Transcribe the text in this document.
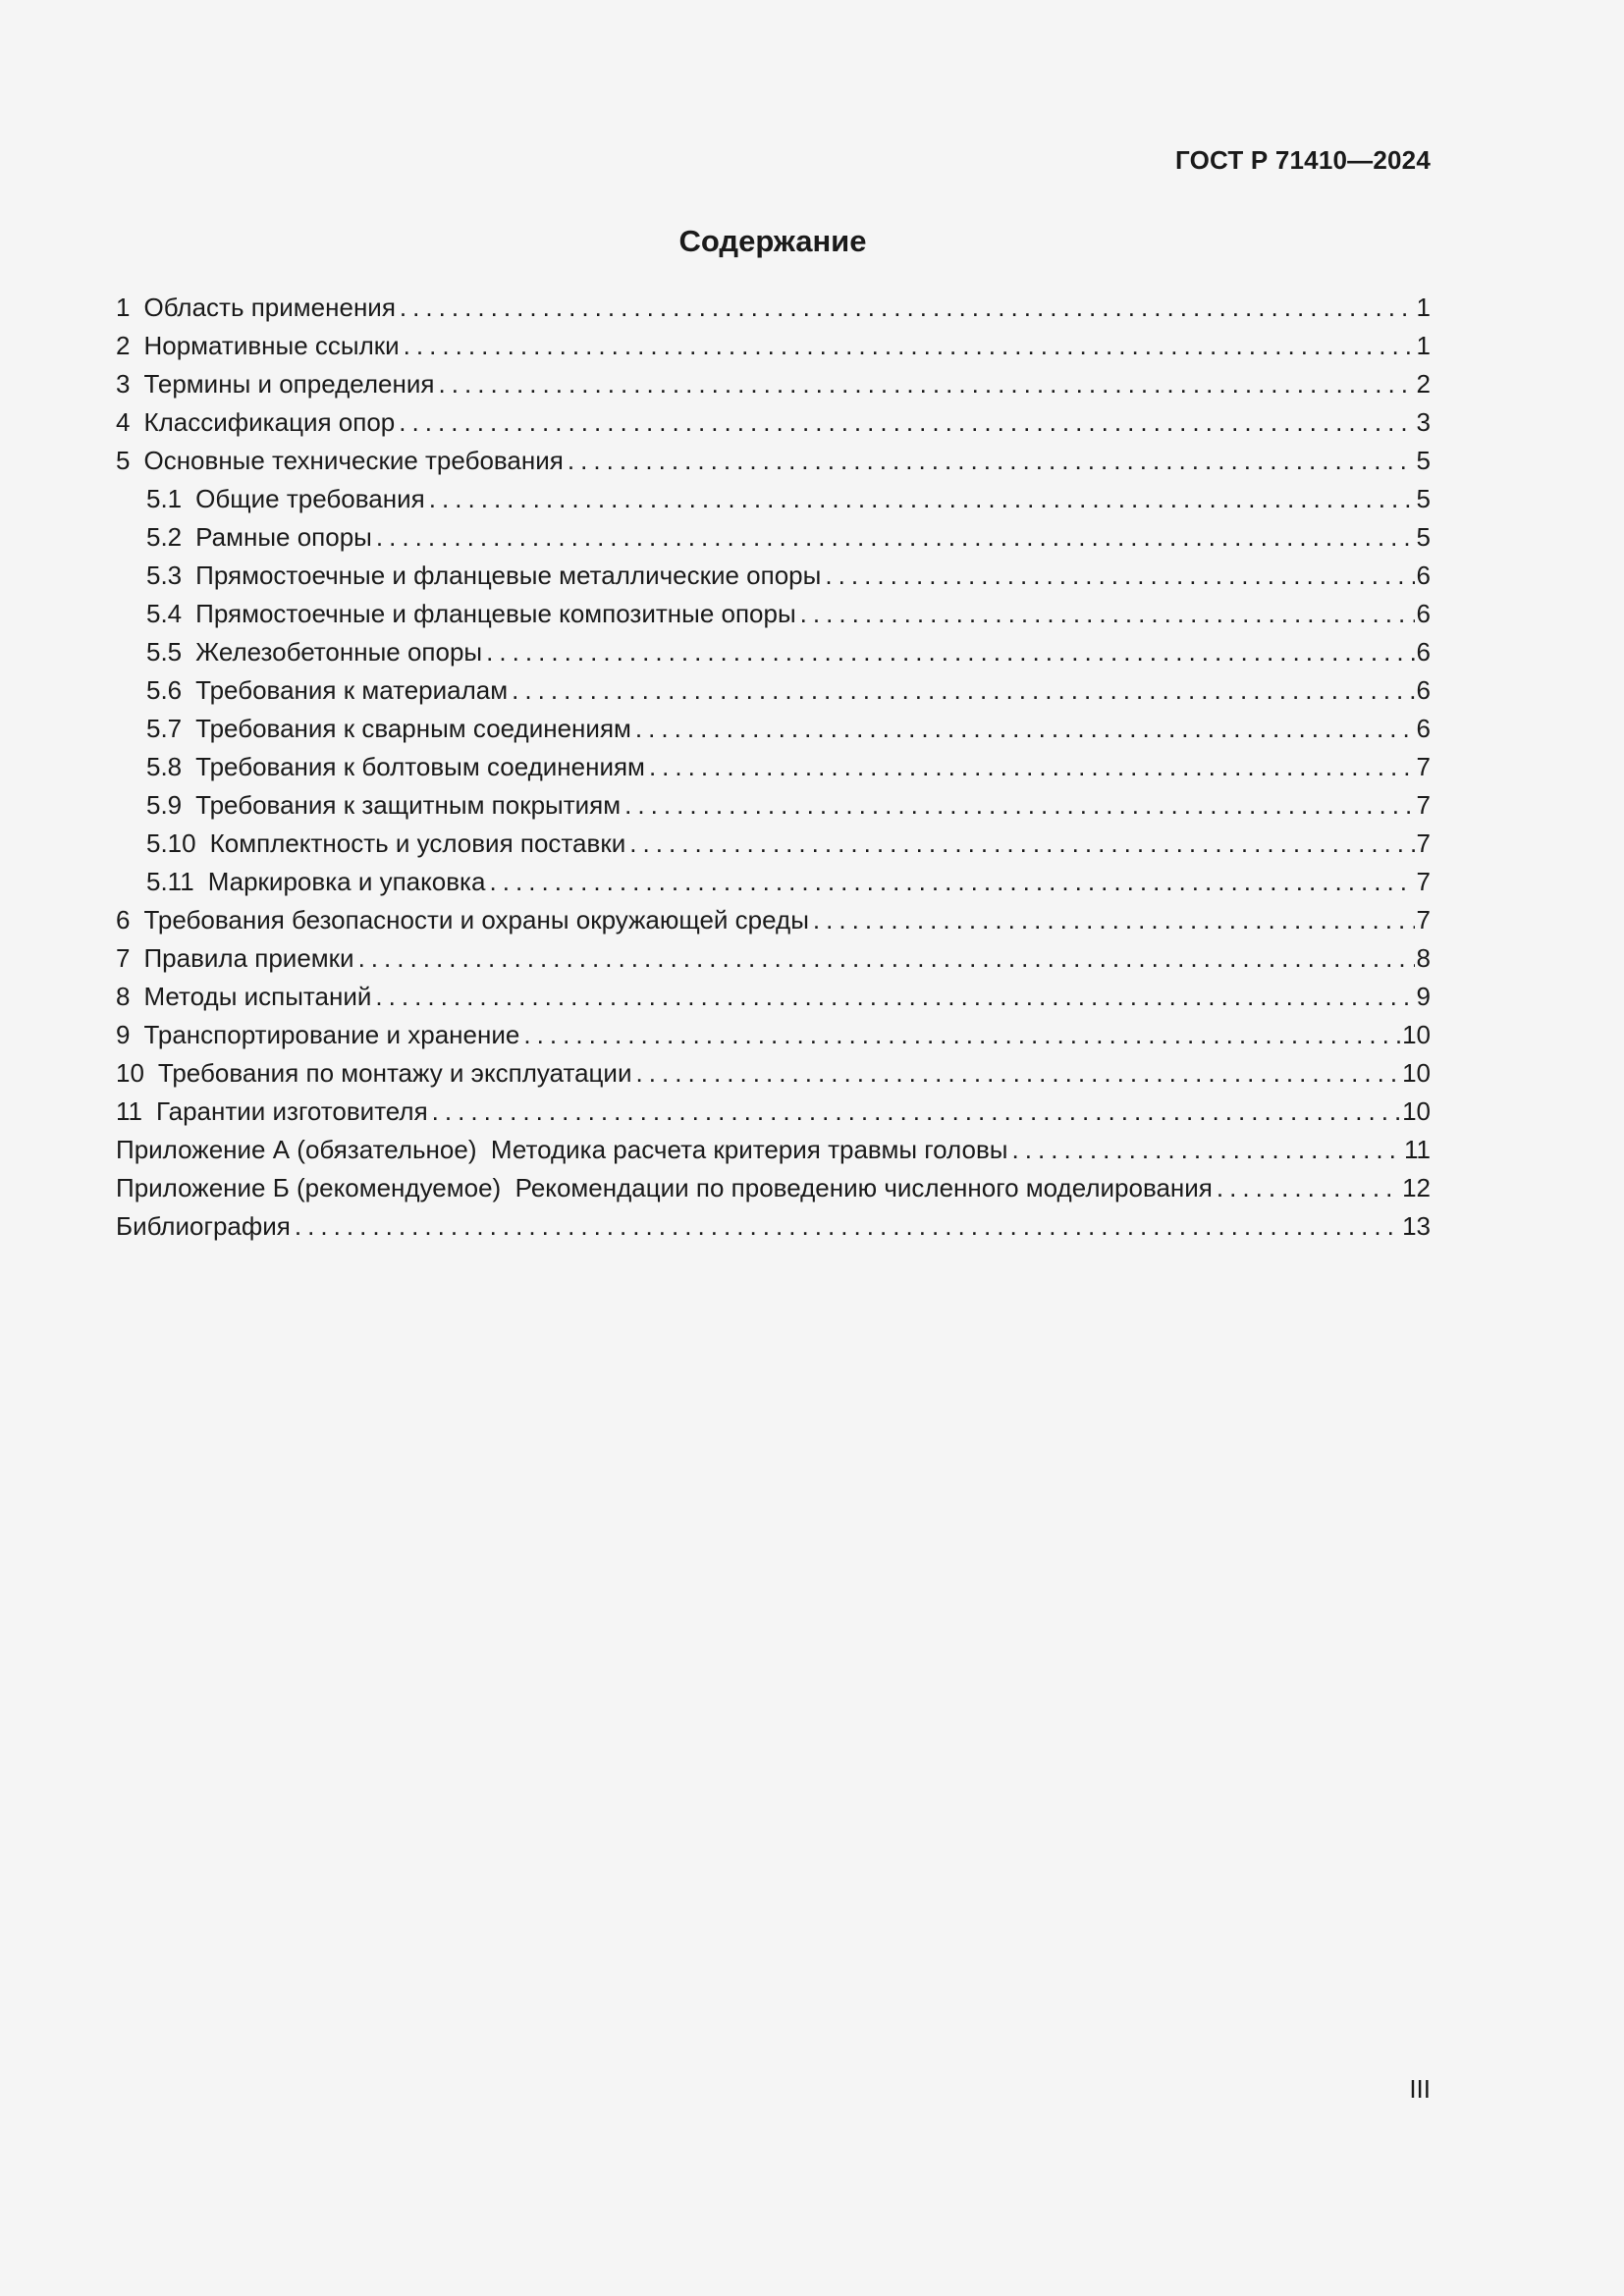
ГОСТ Р 71410—2024
Содержание
1 Область применения . . .	1
2 Нормативные ссылки . . .	1
3 Термины и определения . . .	2
4 Классификация опор . . .	3
5 Основные технические требования . . .	5
5.1 Общие требования . . .	5
5.2 Рамные опоры . . .	5
5.3 Прямостоечные и фланцевые металлические опоры . . .	6
5.4 Прямостоечные и фланцевые композитные опоры . . .	6
5.5 Железобетонные опоры . . .	6
5.6 Требования к материалам . . .	6
5.7 Требования к сварным соединениям . . .	6
5.8 Требования к болтовым соединениям . . .	7
5.9 Требования к защитным покрытиям . . .	7
5.10 Комплектность и условия поставки . . .	7
5.11 Маркировка и упаковка . . .	7
6 Требования безопасности и охраны окружающей среды . . .	7
7 Правила приемки . . .	8
8 Методы испытаний . . .	9
9 Транспортирование и хранение . . .	10
10 Требования по монтажу и эксплуатации . . .	10
11 Гарантии изготовителя . . .	10
Приложение А (обязательное)  Методика расчета критерия травмы головы . . .	11
Приложение Б (рекомендуемое)  Рекомендации по проведению численного моделирования . . .	12
Библиография . . .	13
III
